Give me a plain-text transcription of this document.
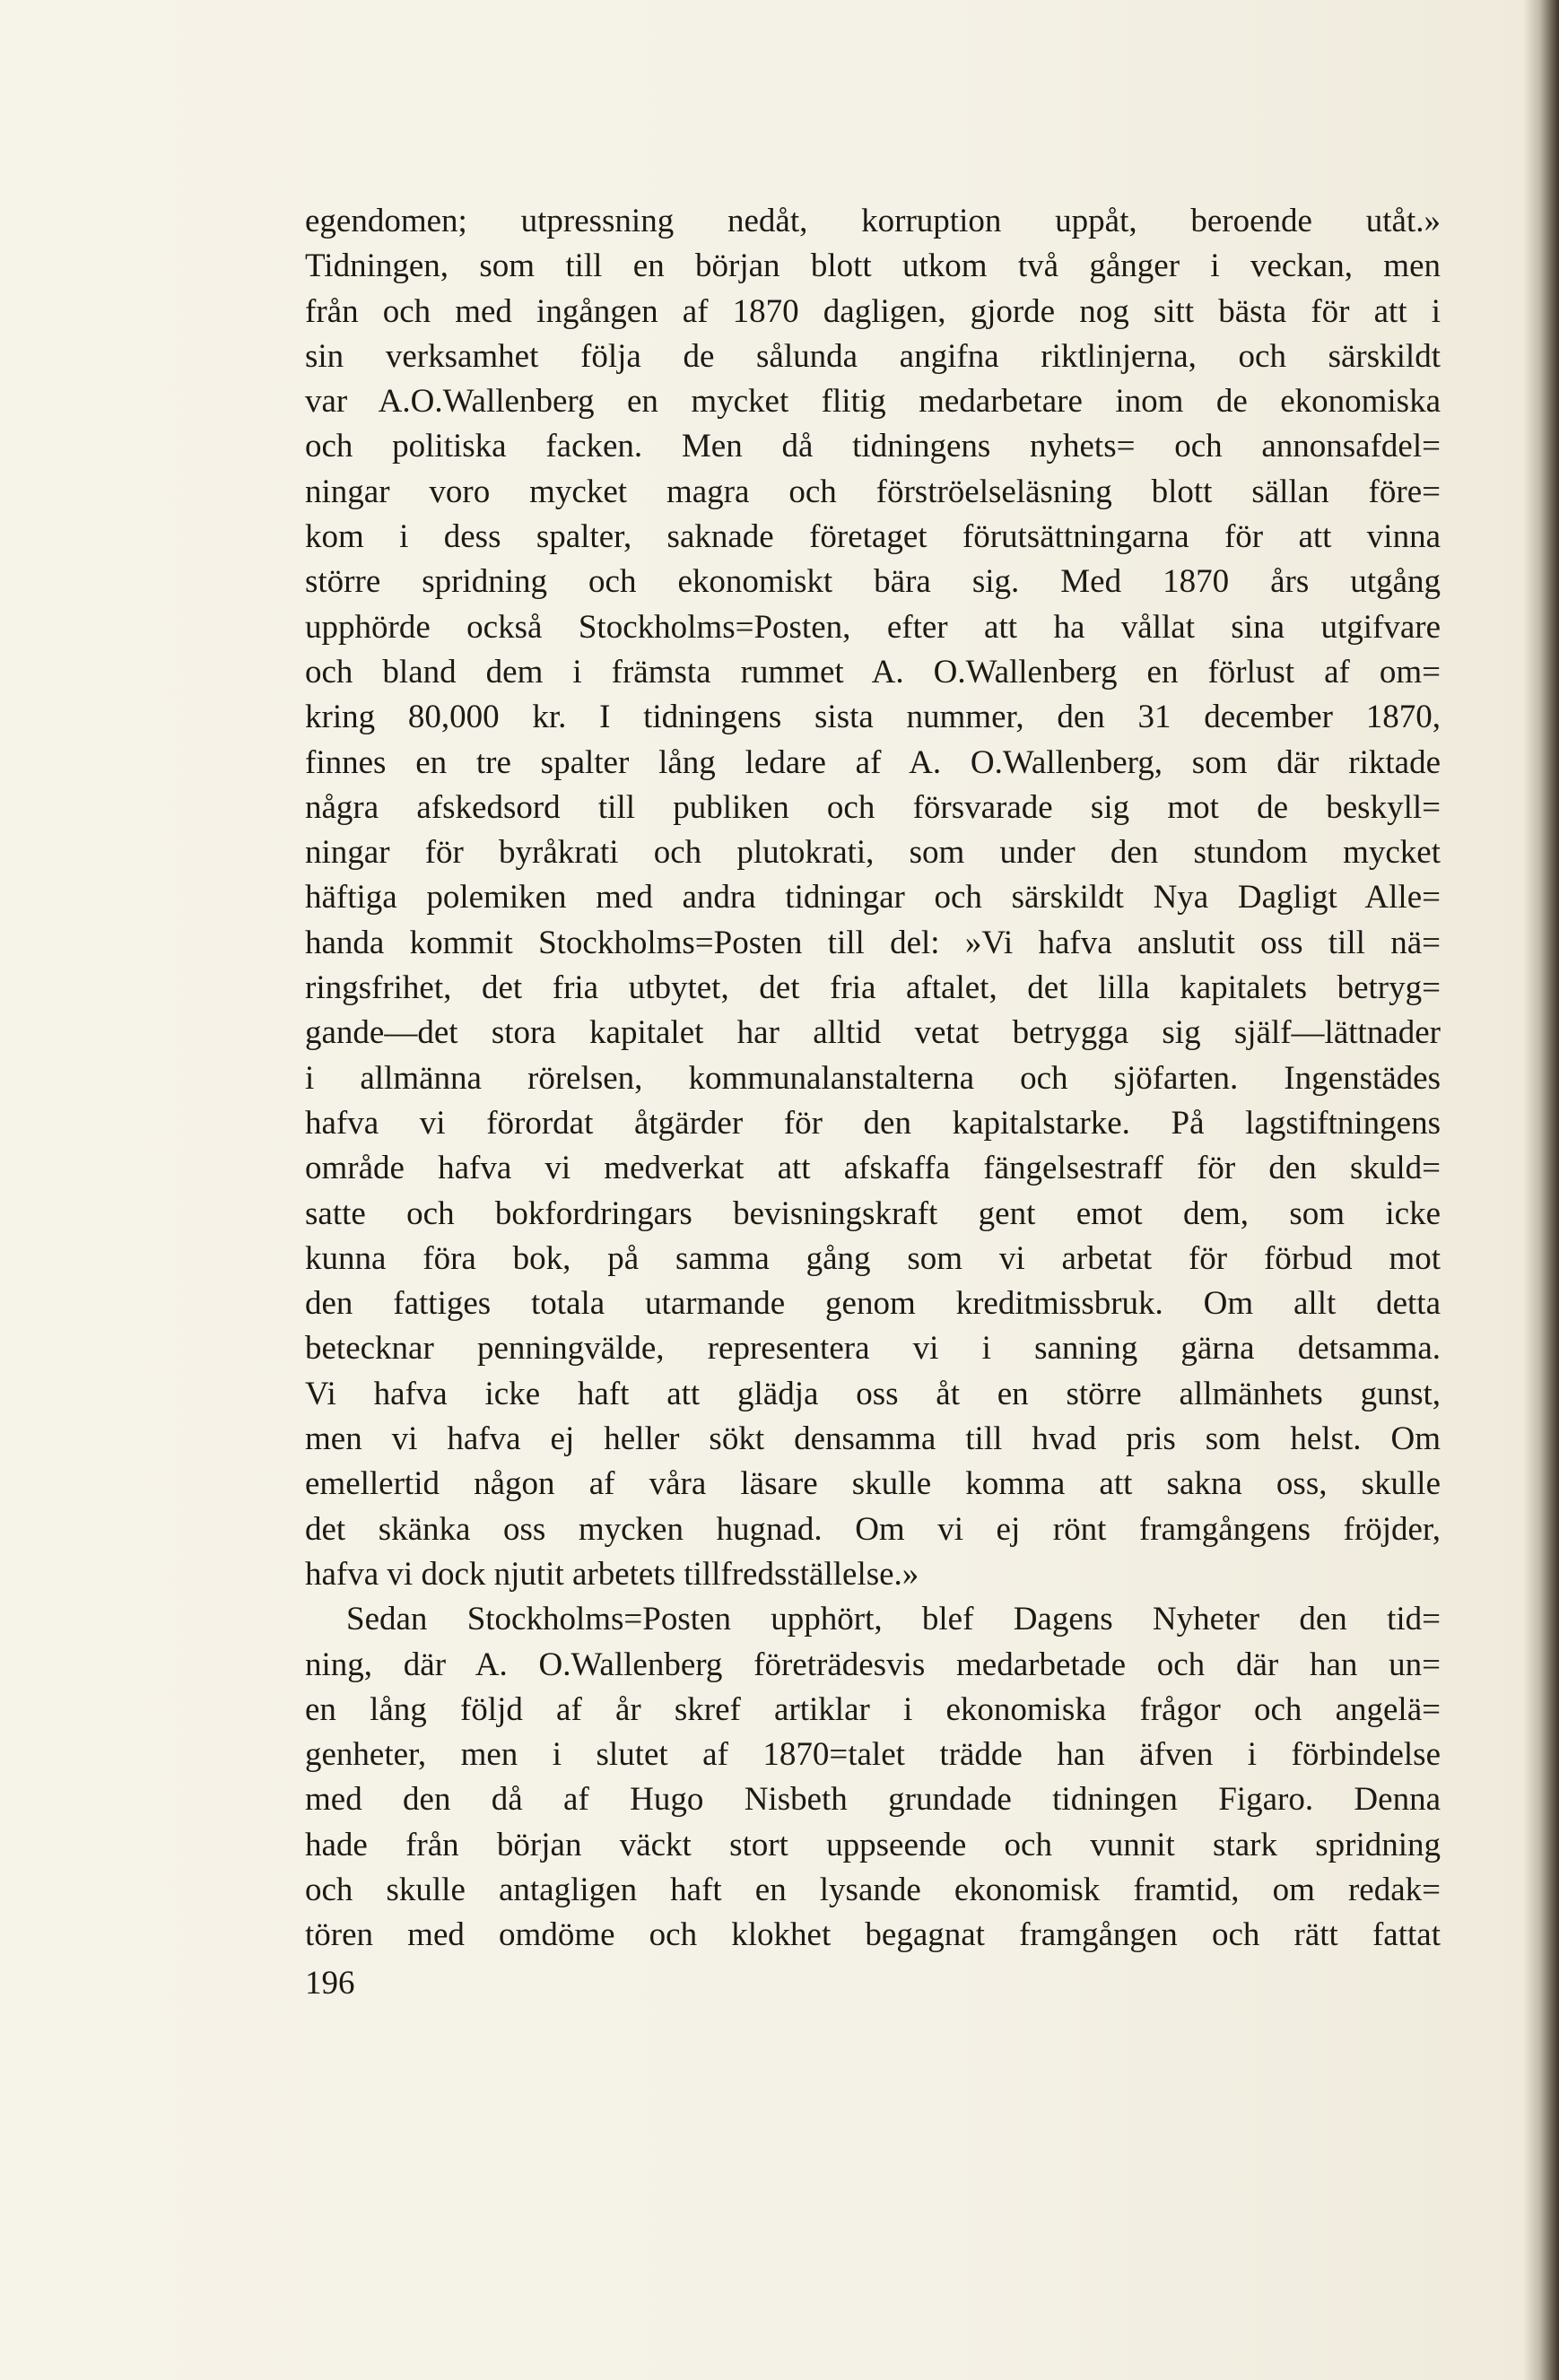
egendomen; utpressning nedåt, korruption uppåt, beroende utåt.»
Tidningen, som till en början blott utkom två gånger i veckan, men
från och med ingången af 1870 dagligen, gjorde nog sitt bästa för att i
sin verksamhet följa de sålunda angifna riktlinjerna, och särskildt
var A.O.Wallenberg en mycket flitig medarbetare inom de ekonomiska
och politiska facken. Men då tidningens nyhets= och annonsafdel=
ningar voro mycket magra och förströelseläsning blott sällan före=
kom i dess spalter, saknade företaget förutsättningarna för att vinna
större spridning och ekonomiskt bära sig. Med 1870 års utgång
upphörde också Stockholms=Posten, efter att ha vållat sina utgifvare
och bland dem i främsta rummet A. O.Wallenberg en förlust af om=
kring 80,000 kr. I tidningens sista nummer, den 31 december 1870,
finnes en tre spalter lång ledare af A. O.Wallenberg, som där riktade
några afskedsord till publiken och försvarade sig mot de beskyll=
ningar för byråkrati och plutokrati, som under den stundom mycket
häftiga polemiken med andra tidningar och särskildt Nya Dagligt Alle=
handa kommit Stockholms=Posten till del: »Vi hafva anslutit oss till nä=
ringsfrihet, det fria utbytet, det fria aftalet, det lilla kapitalets betryg=
gande—det stora kapitalet har alltid vetat betrygga sig själf—lättnader
i allmänna rörelsen, kommunalanstalterna och sjöfarten. Ingenstädes
hafva vi förordat åtgärder för den kapitalstarke. På lagstiftningens
område hafva vi medverkat att afskaffa fängelsestraff för den skuld=
satte och bokfordringars bevisningskraft gent emot dem, som icke
kunna föra bok, på samma gång som vi arbetat för förbud mot
den fattiges totala utarmande genom kreditmissbruk. Om allt detta
betecknar penningvälde, representera vi i sanning gärna detsamma.
Vi hafva icke haft att glädja oss åt en större allmänhets gunst,
men vi hafva ej heller sökt densamma till hvad pris som helst. Om
emellertid någon af våra läsare skulle komma att sakna oss, skulle
det skänka oss mycken hugnad. Om vi ej rönt framgångens fröjder,
hafva vi dock njutit arbetets tillfredsställelse.»
Sedan Stockholms=Posten upphört, blef Dagens Nyheter den tid=
ning, där A. O.Wallenberg företrädesvis medarbetade och där han un=
en lång följd af år skref artiklar i ekonomiska frågor och angelä=
genheter, men i slutet af 1870=talet trädde han äfven i förbindelse
med den då af Hugo Nisbeth grundade tidningen Figaro. Denna
hade från början väckt stort uppseende och vunnit stark spridning
och skulle antagligen haft en lysande ekonomisk framtid, om redak=
tören med omdöme och klokhet begagnat framgången och rätt fattat
196
